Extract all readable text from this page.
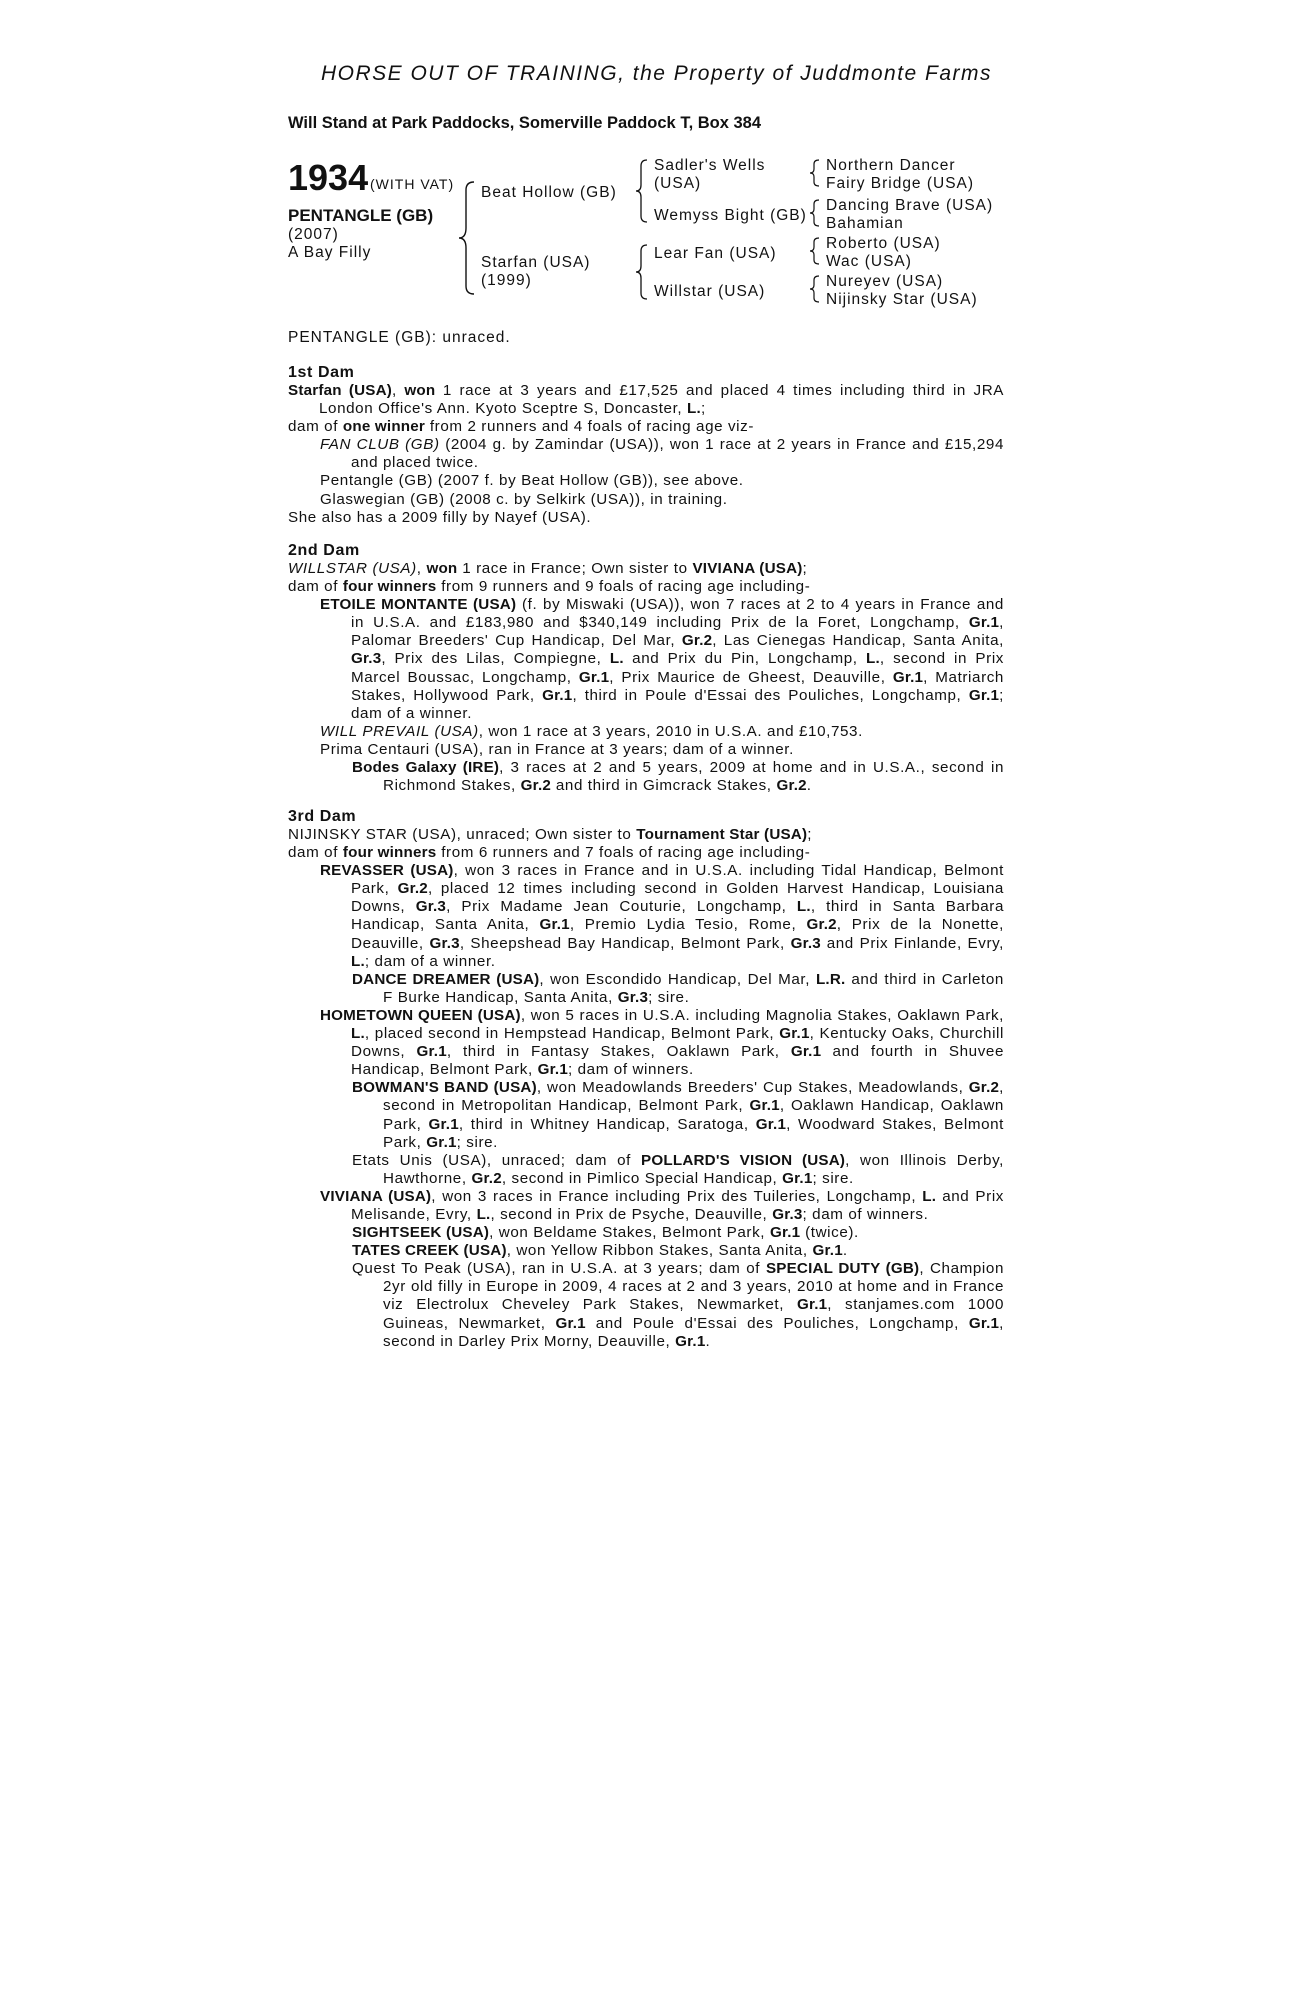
HORSE OUT OF TRAINING, the Property of Juddmonte Farms
Will Stand at Park Paddocks, Somerville Paddock T, Box 384
1934 (WITH VAT)
PENTANGLE (GB)
(2007)
A Bay Filly
Beat Hollow (GB)
Starfan (USA)
(1999)
Sadler's Wells
(USA)
Wemyss Bight (GB)
Lear Fan (USA)
Willstar (USA)
Northern Dancer
Fairy Bridge (USA)
Dancing Brave (USA)
Bahamian
Roberto (USA)
Wac (USA)
Nureyev (USA)
Nijinsky Star (USA)
PENTANGLE (GB): unraced.

1st Dam

Starfan (USA), won 1 race at 3 years and £17,525 and placed 4 times including third in JRA London Office's Ann. Kyoto Sceptre S, Doncaster, L.;

dam of one winner from 2 runners and 4 foals of racing age viz-

FAN CLUB (GB) (2004 g. by Zamindar (USA)), won 1 race at 2 years in France and £15,294 and placed twice.

Pentangle (GB) (2007 f. by Beat Hollow (GB)), see above.

Glaswegian (GB) (2008 c. by Selkirk (USA)), in training.

She also has a 2009 filly by Nayef (USA).

2nd Dam

WILLSTAR (USA), won 1 race in France; Own sister to VIVIANA (USA);

dam of four winners from 9 runners and 9 foals of racing age including-

ETOILE MONTANTE (USA) (f. by Miswaki (USA)), won 7 races at 2 to 4 years in France and in U.S.A. and £183,980 and $340,149 including Prix de la Foret, Longchamp, Gr.1, Palomar Breeders' Cup Handicap, Del Mar, Gr.2, Las Cienegas Handicap, Santa Anita, Gr.3, Prix des Lilas, Compiegne, L. and Prix du Pin, Longchamp, L., second in Prix Marcel Boussac, Longchamp, Gr.1, Prix Maurice de Gheest, Deauville, Gr.1, Matriarch Stakes, Hollywood Park, Gr.1, third in Poule d'Essai des Pouliches, Longchamp, Gr.1; dam of a winner.

WILL PREVAIL (USA), won 1 race at 3 years, 2010 in U.S.A. and £10,753.

Prima Centauri (USA), ran in France at 3 years; dam of a winner.

Bodes Galaxy (IRE), 3 races at 2 and 5 years, 2009 at home and in U.S.A., second in Richmond Stakes, Gr.2 and third in Gimcrack Stakes, Gr.2.

3rd Dam

NIJINSKY STAR (USA), unraced; Own sister to Tournament Star (USA);

dam of four winners from 6 runners and 7 foals of racing age including-

REVASSER (USA), won 3 races in France and in U.S.A. including Tidal Handicap, Belmont Park, Gr.2, placed 12 times including second in Golden Harvest Handicap, Louisiana Downs, Gr.3, Prix Madame Jean Couturie, Longchamp, L., third in Santa Barbara Handicap, Santa Anita, Gr.1, Premio Lydia Tesio, Rome, Gr.2, Prix de la Nonette, Deauville, Gr.3, Sheepshead Bay Handicap, Belmont Park, Gr.3 and Prix Finlande, Evry, L.; dam of a winner.

DANCE DREAMER (USA), won Escondido Handicap, Del Mar, L.R. and third in Carleton F Burke Handicap, Santa Anita, Gr.3; sire.

HOMETOWN QUEEN (USA), won 5 races in U.S.A. including Magnolia Stakes, Oaklawn Park, L., placed second in Hempstead Handicap, Belmont Park, Gr.1, Kentucky Oaks, Churchill Downs, Gr.1, third in Fantasy Stakes, Oaklawn Park, Gr.1 and fourth in Shuvee Handicap, Belmont Park, Gr.1; dam of winners.

BOWMAN'S BAND (USA), won Meadowlands Breeders' Cup Stakes, Meadowlands, Gr.2, second in Metropolitan Handicap, Belmont Park, Gr.1, Oaklawn Handicap, Oaklawn Park, Gr.1, third in Whitney Handicap, Saratoga, Gr.1, Woodward Stakes, Belmont Park, Gr.1; sire.

Etats Unis (USA), unraced; dam of POLLARD'S VISION (USA), won Illinois Derby, Hawthorne, Gr.2, second in Pimlico Special Handicap, Gr.1; sire.

VIVIANA (USA), won 3 races in France including Prix des Tuileries, Longchamp, L. and Prix Melisande, Evry, L., second in Prix de Psyche, Deauville, Gr.3; dam of winners.

SIGHTSEEK (USA), won Beldame Stakes, Belmont Park, Gr.1 (twice).

TATES CREEK (USA), won Yellow Ribbon Stakes, Santa Anita, Gr.1.

Quest To Peak (USA), ran in U.S.A. at 3 years; dam of SPECIAL DUTY (GB), Champion 2yr old filly in Europe in 2009, 4 races at 2 and 3 years, 2010 at home and in France viz Electrolux Cheveley Park Stakes, Newmarket, Gr.1, stanjames.com 1000 Guineas, Newmarket, Gr.1 and Poule d'Essai des Pouliches, Longchamp, Gr.1, second in Darley Prix Morny, Deauville, Gr.1.
